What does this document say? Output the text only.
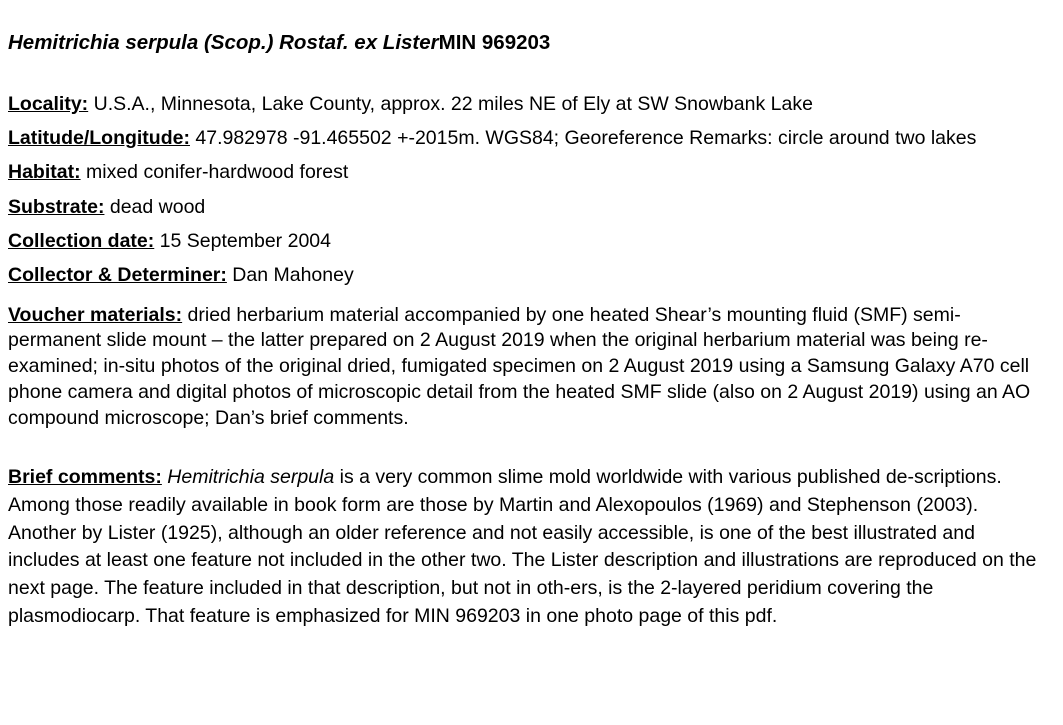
Hemitrichia serpula (Scop.) Rostaf. ex ListerMIN 969203
Locality: U.S.A., Minnesota, Lake County, approx. 22 miles NE of Ely at SW Snowbank Lake
Latitude/Longitude: 47.982978 -91.465502 +-2015m. WGS84; Georeference Remarks: circle around two lakes
Habitat: mixed conifer-hardwood forest
Substrate: dead wood
Collection date: 15 September 2004
Collector & Determiner: Dan Mahoney
Voucher materials: dried herbarium material accompanied by one heated Shear’s mounting fluid (SMF) semi-permanent slide mount – the latter prepared on 2 August 2019 when the original herbarium material was being re-examined; in-situ photos of the original dried, fumigated specimen on 2 August 2019 using a Samsung Galaxy A70 cell phone camera and digital photos of microscopic detail from the heated SMF slide (also on 2 August 2019) using an AO compound microscope; Dan’s brief comments.
Brief comments: Hemitrichia serpula is a very common slime mold worldwide with various published de-scriptions. Among those readily available in book form are those by Martin and Alexopoulos (1969) and Stephenson (2003). Another by Lister (1925), although an older reference and not easily accessible, is one of the best illustrated and includes at least one feature not included in the other two. The Lister description and illustrations are reproduced on the next page. The feature included in that description, but not in oth-ers, is the 2-layered peridium covering the plasmodiocarp. That feature is emphasized for MIN 969203 in one photo page of this pdf.
